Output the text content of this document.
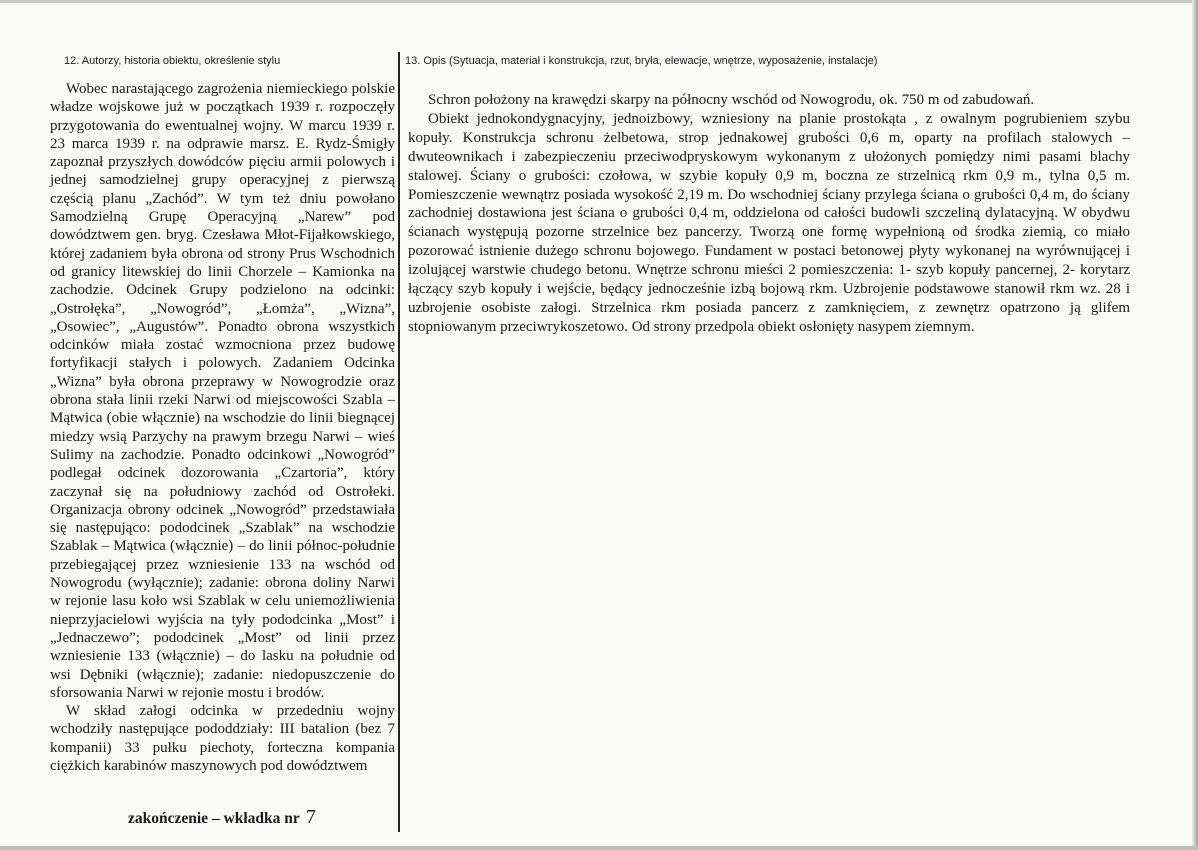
12. Autorzy, historia obiektu, określenie stylu	13. Opis (Sytuacja, materiał i konstrukcja, rzut, bryła, elewacje, wnętrze, wyposażenie, instalacje)

Wobec narastającego zagrożenia niemieckiego polskie władze wojskowe już w początkach 1939 r. rozpoczęły przygotowania do ewentualnej wojny. W marcu 1939 r. 23 marca 1939 r. na odprawie marsz. E. Rydz-Śmigły zapoznał przyszłych dowódców pięciu armii polowych i jednej samodzielnej grupy operacyjnej z pierwszą częścią planu „Zachód”. W tym też dniu powołano Samodzielną Grupę Operacyjną „Narew” pod dowództwem gen. bryg. Czesława Młot-Fijałkowskiego, której zadaniem była obrona od strony Prus Wschodnich od granicy litewskiej do linii Chorzele – Kamionka na zachodzie. Odcinek Grupy podzielono na odcinki: „Ostrołęka”, „Nowogród”, „Łomża”, „Wizna”, „Osowiec”, „Augustów”. Ponadto obrona wszystkich odcinków miała zostać wzmocniona przez budowę fortyfikacji stałych i polowych. Zadaniem Odcinka „Wizna” była obrona przeprawy w Nowogrodzie oraz obrona stała linii rzeki Narwi od miejscowości Szabla – Mątwica (obie włącznie) na wschodzie do linii biegnącej miedzy wsią Parzychy na prawym brzegu Narwi – wieś Sulimy na zachodzie. Ponadto odcinkowi „Nowogród” podlegał odcinek dozorowania „Czartoria”, który zaczynał się na południowy zachód od Ostrołeki. Organizacja obrony odcinek „Nowogród” przedstawiała się następująco: pododcinek „Szablak” na wschodzie Szablak – Mątwica (włącznie) – do linii północ-południe przebiegającej przez wzniesienie 133 na wschód od Nowogrodu (wyłącznie); zadanie: obrona doliny Narwi w rejonie lasu koło wsi Szablak w celu uniemożliwienia nieprzyjacielowi wyjścia na tyły pododcinka „Most” i „Jednaczewo”; pododcinek „Most” od linii przez wzniesienie 133 (włącznie) – do lasku na południe od wsi Dębniki (włącznie); zadanie: niedopuszczenie do sforsowania Narwi w rejonie mostu i brodów.

W skład załogi odcinka w przededniu wojny wchodziły następujące pododdziały: III batalion (bez 7 kompanii) 33 pułku piechoty, forteczna kompania ciężkich karabinów maszynowych pod dowództwem

zakończenie – wkładka nr 7

Schron położony na krawędzi skarpy na północny wschód od Nowogrodu, ok. 750 m od zabudowań.

Obiekt jednokondygnacyjny, jednoizbowy, wzniesiony na planie prostokąta , z owalnym pogrubieniem szybu kopuły. Konstrukcja schronu żelbetowa, strop jednakowej grubości 0,6 m, oparty na profilach stalowych – dwuteownikach i zabezpieczeniu przeciwodpryskowym wykonanym z ułożonych pomiędzy nimi pasami blachy stalowej. Ściany o grubości: czołowa, w szybie kopuły 0,9 m, boczna ze strzelnicą rkm 0,9 m., tylna 0,5 m. Pomieszczenie wewnątrz posiada wysokość 2,19 m. Do wschodniej ściany przylega ściana o grubości 0,4 m, do ściany zachodniej dostawiona jest ściana o grubości 0,4 m, oddzielona od całości budowli szczeliną dylatacyjną. W obydwu ścianach występują pozorne strzelnice bez pancerzy. Tworzą one formę wypełnioną od środka ziemią, co miało pozorować istnienie dużego schronu bojowego. Fundament w postaci betonowej płyty wykonanej na wyrównującej i izolującej warstwie chudego betonu. Wnętrze schronu mieści 2 pomieszczenia: 1- szyb kopuły pancernej, 2- korytarz łączący szyb kopuły i wejście, będący jednocześnie izbą bojową rkm. Uzbrojenie podstawowe stanowił rkm wz. 28 i uzbrojenie osobiste załogi. Strzelnica rkm posiada pancerz z zamknięciem, z zewnętrz opatrzono ją glifem stopniowanym przeciwrykoszetowo. Od strony przedpola obiekt osłonięty nasypem ziemnym.
